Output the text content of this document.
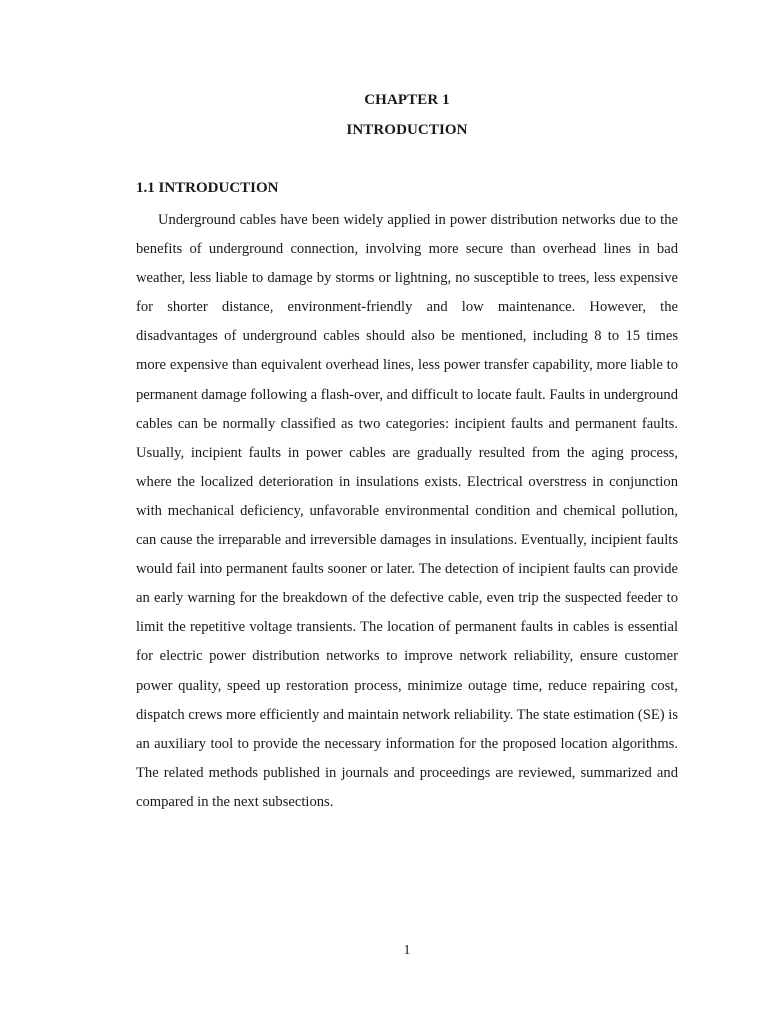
CHAPTER 1
INTRODUCTION
1.1 INTRODUCTION

Underground cables have been widely applied in power distribution networks due to the benefits of underground connection, involving more secure than overhead lines in bad weather, less liable to damage by storms or lightning, no susceptible to trees, less expensive for shorter distance, environment-friendly and low maintenance. However, the disadvantages of underground cables should also be mentioned, including 8 to 15 times more expensive than equivalent overhead lines, less power transfer capability, more liable to permanent damage following a flash-over, and difficult to locate fault. Faults in underground cables can be normally classified as two categories: incipient faults and permanent faults. Usually, incipient faults in power cables are gradually resulted from the aging process, where the localized deterioration in insulations exists. Electrical overstress in conjunction with mechanical deficiency, unfavorable environmental condition and chemical pollution, can cause the irreparable and irreversible damages in insulations. Eventually, incipient faults would fail into permanent faults sooner or later. The detection of incipient faults can provide an early warning for the breakdown of the defective cable, even trip the suspected feeder to limit the repetitive voltage transients. The location of permanent faults in cables is essential for electric power distribution networks to improve network reliability, ensure customer power quality, speed up restoration process, minimize outage time, reduce repairing cost, dispatch crews more efficiently and maintain network reliability. The state estimation (SE) is an auxiliary tool to provide the necessary information for the proposed location algorithms. The related methods published in journals and proceedings are reviewed, summarized and compared in the next subsections.

1
